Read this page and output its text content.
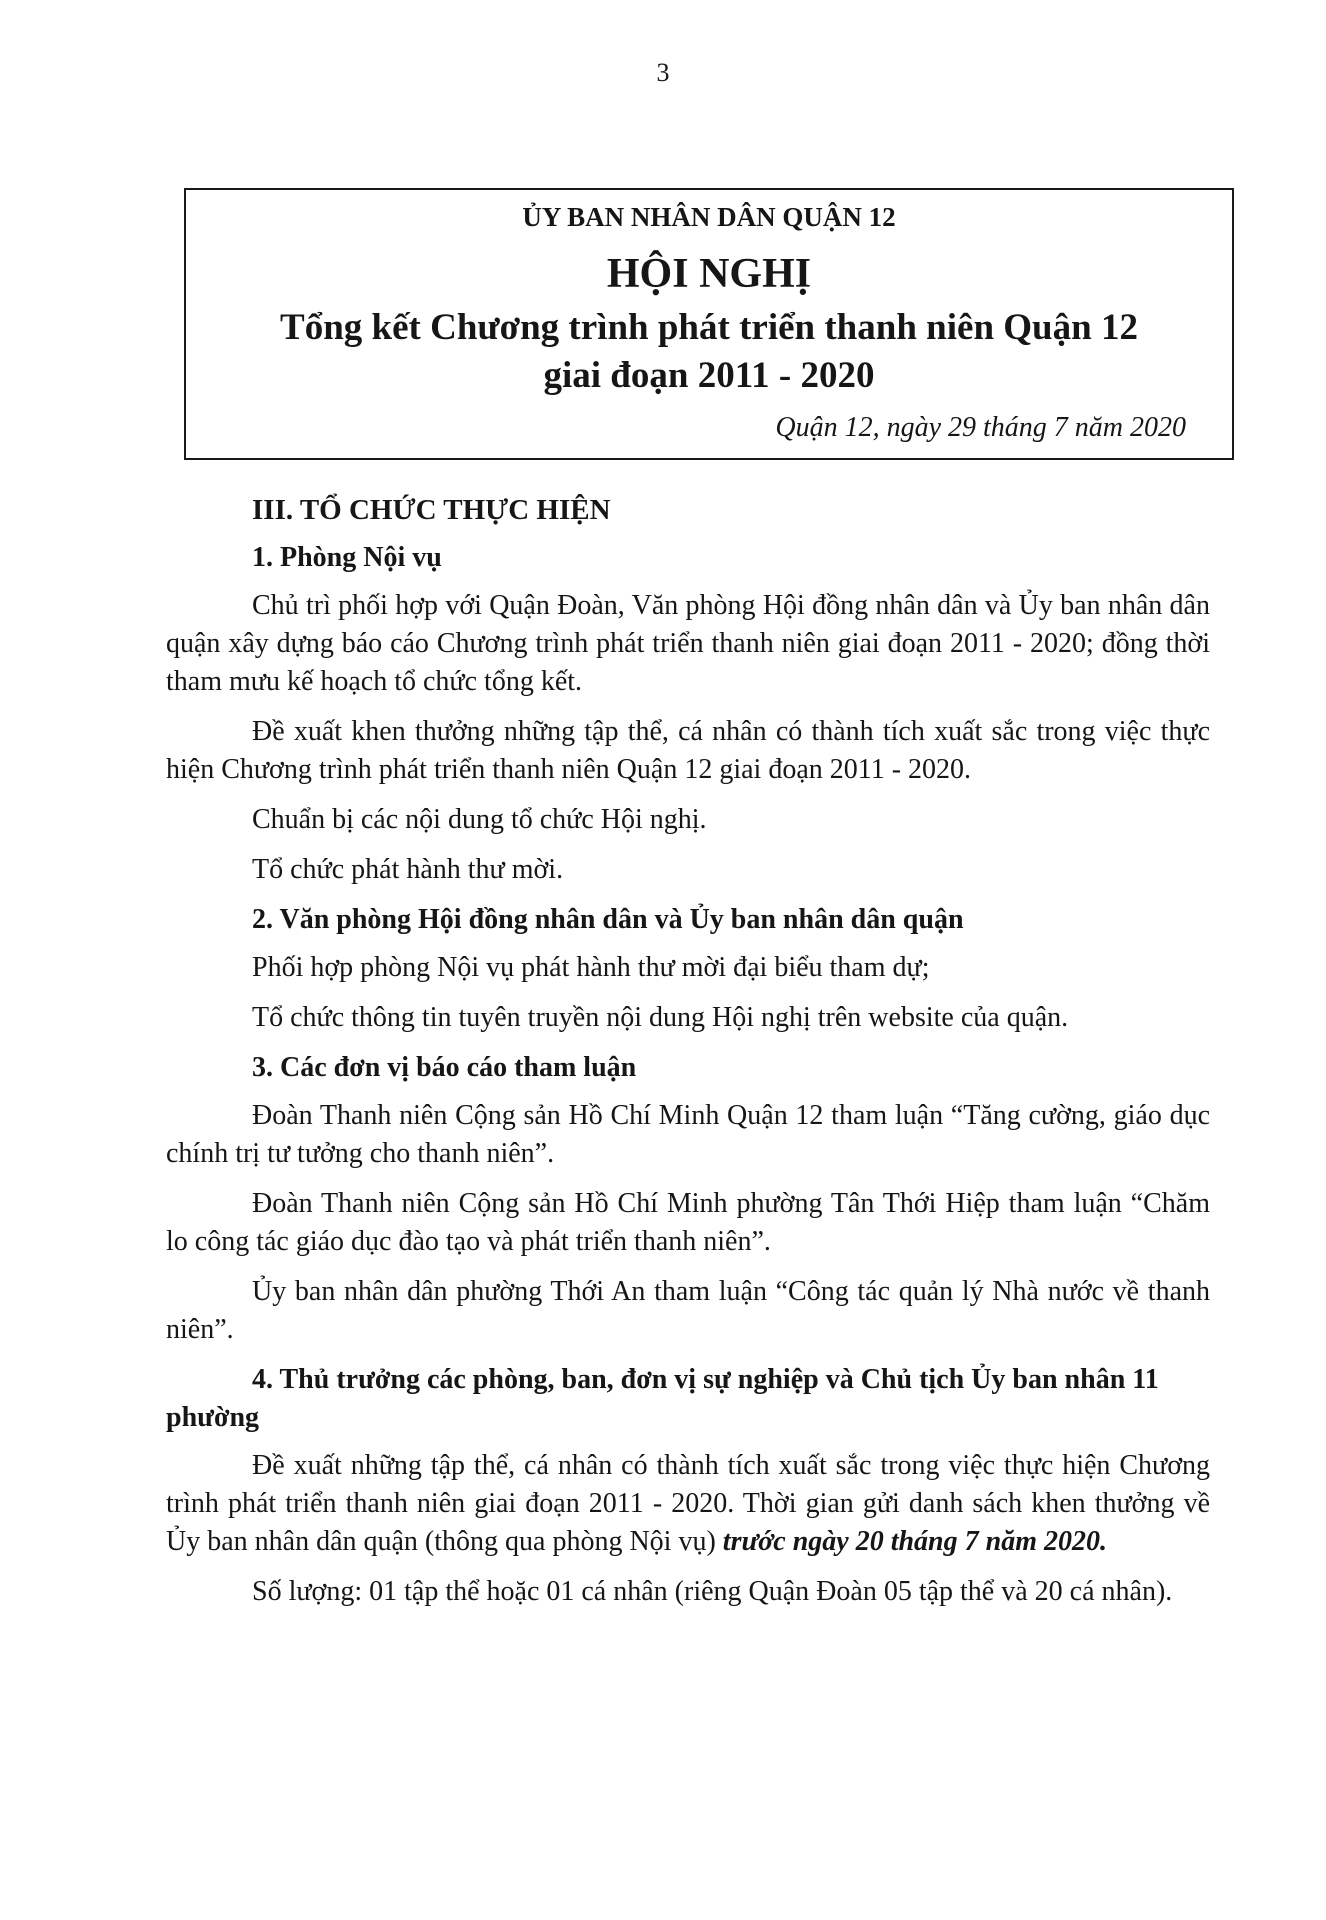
3
ỦY BAN NHÂN DÂN QUẬN 12
HỘI NGHỊ
Tổng kết Chương trình phát triển thanh niên Quận 12
giai đoạn 2011 - 2020
Quận 12, ngày 29 tháng 7 năm 2020
III. TỔ CHỨC THỰC HIỆN
1. Phòng Nội vụ

Chủ trì phối hợp với Quận Đoàn, Văn phòng Hội đồng nhân dân và Ủy ban nhân dân quận xây dựng báo cáo Chương trình phát triển thanh niên giai đoạn 2011 - 2020; đồng thời tham mưu kế hoạch tổ chức tổng kết.

Đề xuất khen thưởng những tập thể, cá nhân có thành tích xuất sắc trong việc thực hiện Chương trình phát triển thanh niên Quận 12 giai đoạn 2011 - 2020.

Chuẩn bị các nội dung tổ chức Hội nghị.

Tổ chức phát hành thư mời.

2. Văn phòng Hội đồng nhân dân và Ủy ban nhân dân quận

Phối hợp phòng Nội vụ phát hành thư mời đại biểu tham dự;

Tổ chức thông tin tuyên truyền nội dung Hội nghị trên website của quận.

3. Các đơn vị báo cáo tham luận

Đoàn Thanh niên Cộng sản Hồ Chí Minh Quận 12 tham luận “Tăng cường, giáo dục chính trị tư tưởng cho thanh niên”.

Đoàn Thanh niên Cộng sản Hồ Chí Minh phường Tân Thới Hiệp tham luận “Chăm lo công tác giáo dục đào tạo và phát triển thanh niên”.

Ủy ban nhân dân phường Thới An tham luận “Công tác quản lý Nhà nước về thanh niên”.

4. Thủ trưởng các phòng, ban, đơn vị sự nghiệp và Chủ tịch Ủy ban nhân 11 phường

Đề xuất những tập thể, cá nhân có thành tích xuất sắc trong việc thực hiện Chương trình phát triển thanh niên giai đoạn 2011 - 2020. Thời gian gửi danh sách khen thưởng về Ủy ban nhân dân quận (thông qua phòng Nội vụ) trước ngày 20 tháng 7 năm 2020.

Số lượng: 01 tập thể hoặc 01 cá nhân (riêng Quận Đoàn 05 tập thể và 20 cá nhân).
